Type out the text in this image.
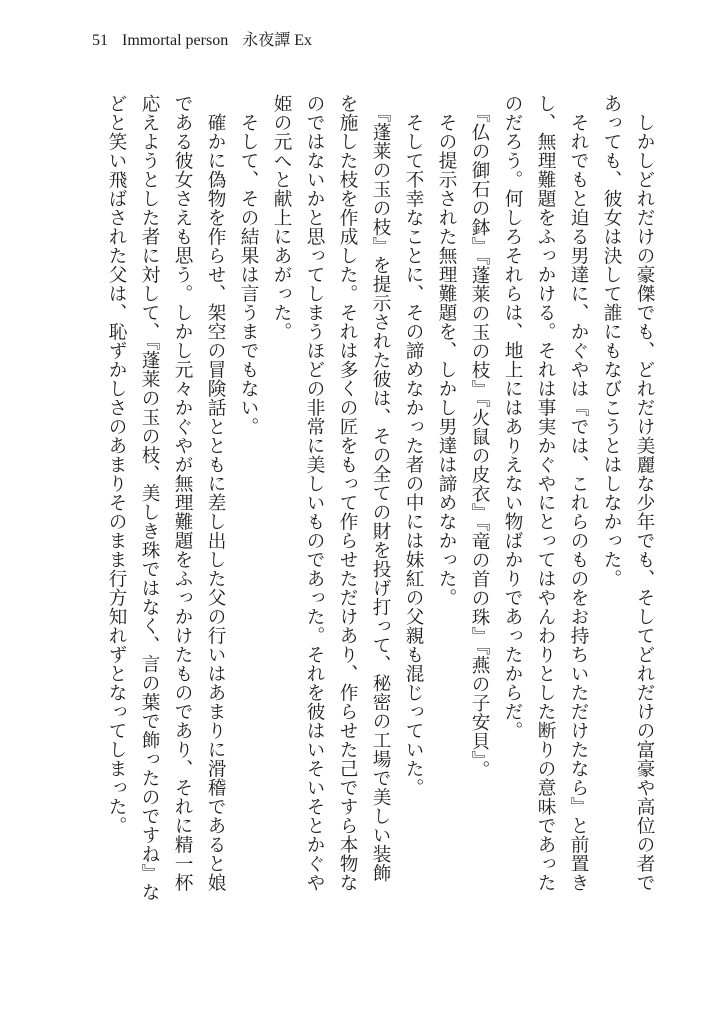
51 Immortal person 永夜譚 Ex

　しかしどれだけの豪傑でも、どれだけ美麗な少年でも、そしてどれだけの富豪や高位の者で

あっても、彼女は決して誰にもなびこうとはしなかった。

　それでもと迫る男達に、かぐやは『では、これらのものをお持ちいただけたなら』と前置き

し、無理難題をふっかける。それは事実かぐやにとってはやんわりとした断りの意味であった

のだろう。何しろそれらは、地上にはありえない物ばかりであったからだ。

　『仏の御石の鉢』『蓬莱の玉の枝』『火鼠の皮衣』『竜の首の珠』『燕の子安貝』。

　その提示された無理難題を、しかし男達は諦めなかった。

　そして不幸なことに、その諦めなかった者の中には妹紅の父親も混じっていた。

　『蓬莱の玉の枝』を提示された彼は、その全ての財を投げ打って、秘密の工場で美しい装飾

を施した枝を作成した。それは多くの匠をもって作らせただけあり、作らせた己ですら本物な

のではないかと思ってしまうほどの非常に美しいものであった。それを彼はいそいそとかぐや

姫の元へと献上にあがった。

　そして、その結果は言うまでもない。

　確かに偽物を作らせ、架空の冒険話とともに差し出した父の行いはあまりに滑稽であると娘

である彼女さえも思う。しかし元々かぐやが無理難題をふっかけたものであり、それに精一杯

応えようとした者に対して、『蓬莱の玉の枝、美しき珠ではなく、言の葉で飾ったのですね』な

どと笑い飛ばされた父は、恥ずかしさのあまりそのまま行方知れずとなってしまった。
